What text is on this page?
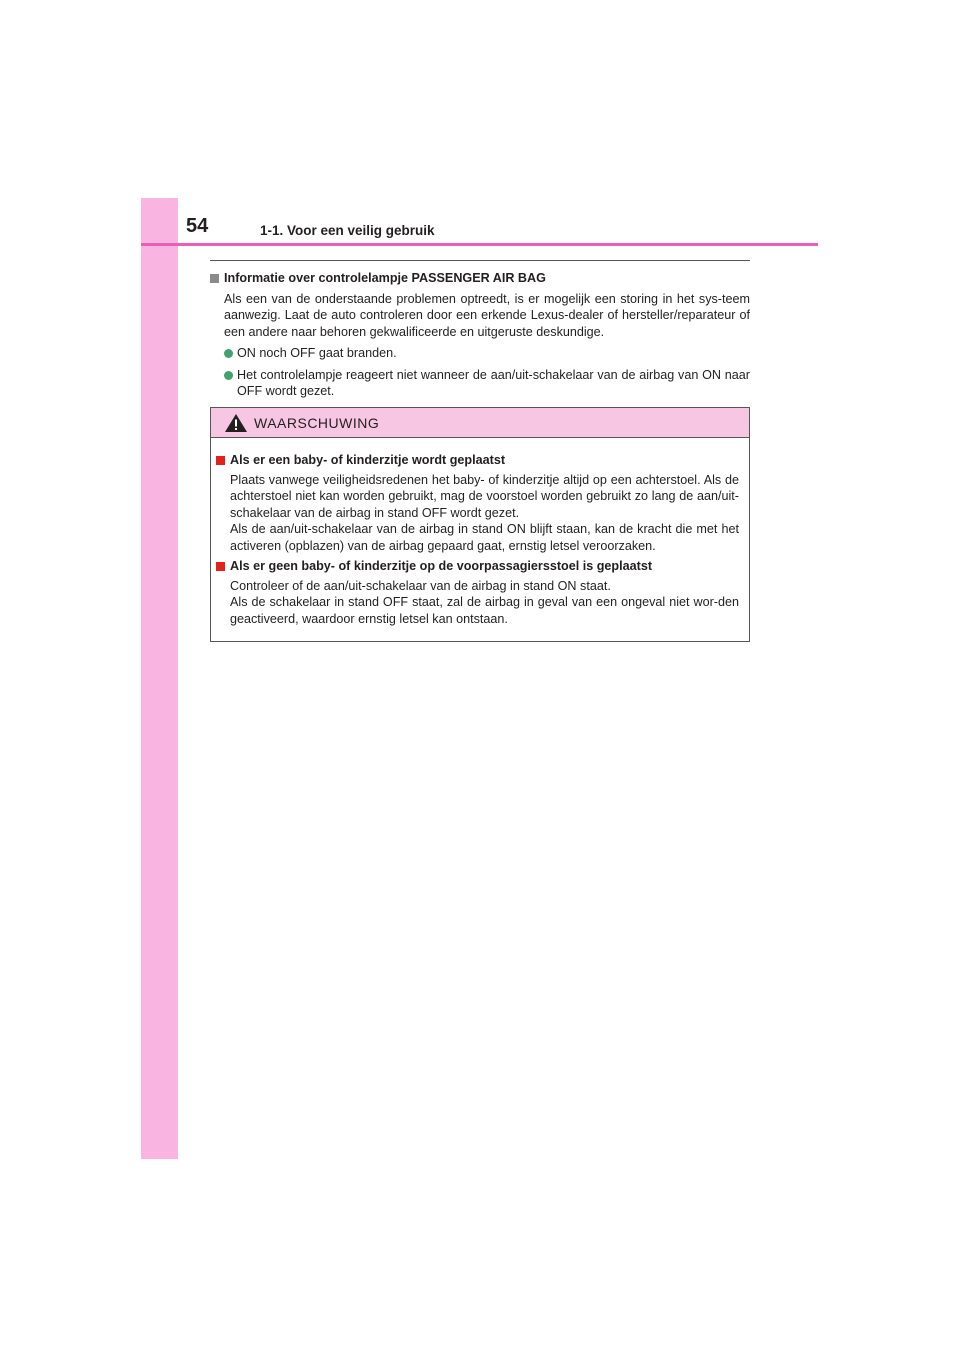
54	1-1. Voor een veilig gebruik
Informatie over controlelampje PASSENGER AIR BAG
Als een van de onderstaande problemen optreedt, is er mogelijk een storing in het sys-teem aanwezig. Laat de auto controleren door een erkende Lexus-dealer of hersteller/reparateur of een andere naar behoren gekwalificeerde en uitgeruste deskundige.
ON noch OFF gaat branden.
Het controlelampje reageert niet wanneer de aan/uit-schakelaar van de airbag van ON naar OFF wordt gezet.
WAARSCHUWING
Als er een baby- of kinderzitje wordt geplaatst
Plaats vanwege veiligheidsredenen het baby- of kinderzitje altijd op een achterstoel. Als de achterstoel niet kan worden gebruikt, mag de voorstoel worden gebruikt zo lang de aan/uit-schakelaar van de airbag in stand OFF wordt gezet.
Als de aan/uit-schakelaar van de airbag in stand ON blijft staan, kan de kracht die met het activeren (opblazen) van de airbag gepaard gaat, ernstig letsel veroorzaken.
Als er geen baby- of kinderzitje op de voorpassagiersstoel is geplaatst
Controleer of de aan/uit-schakelaar van de airbag in stand ON staat.
Als de schakelaar in stand OFF staat, zal de airbag in geval van een ongeval niet wor-den geactiveerd, waardoor ernstig letsel kan ontstaan.
